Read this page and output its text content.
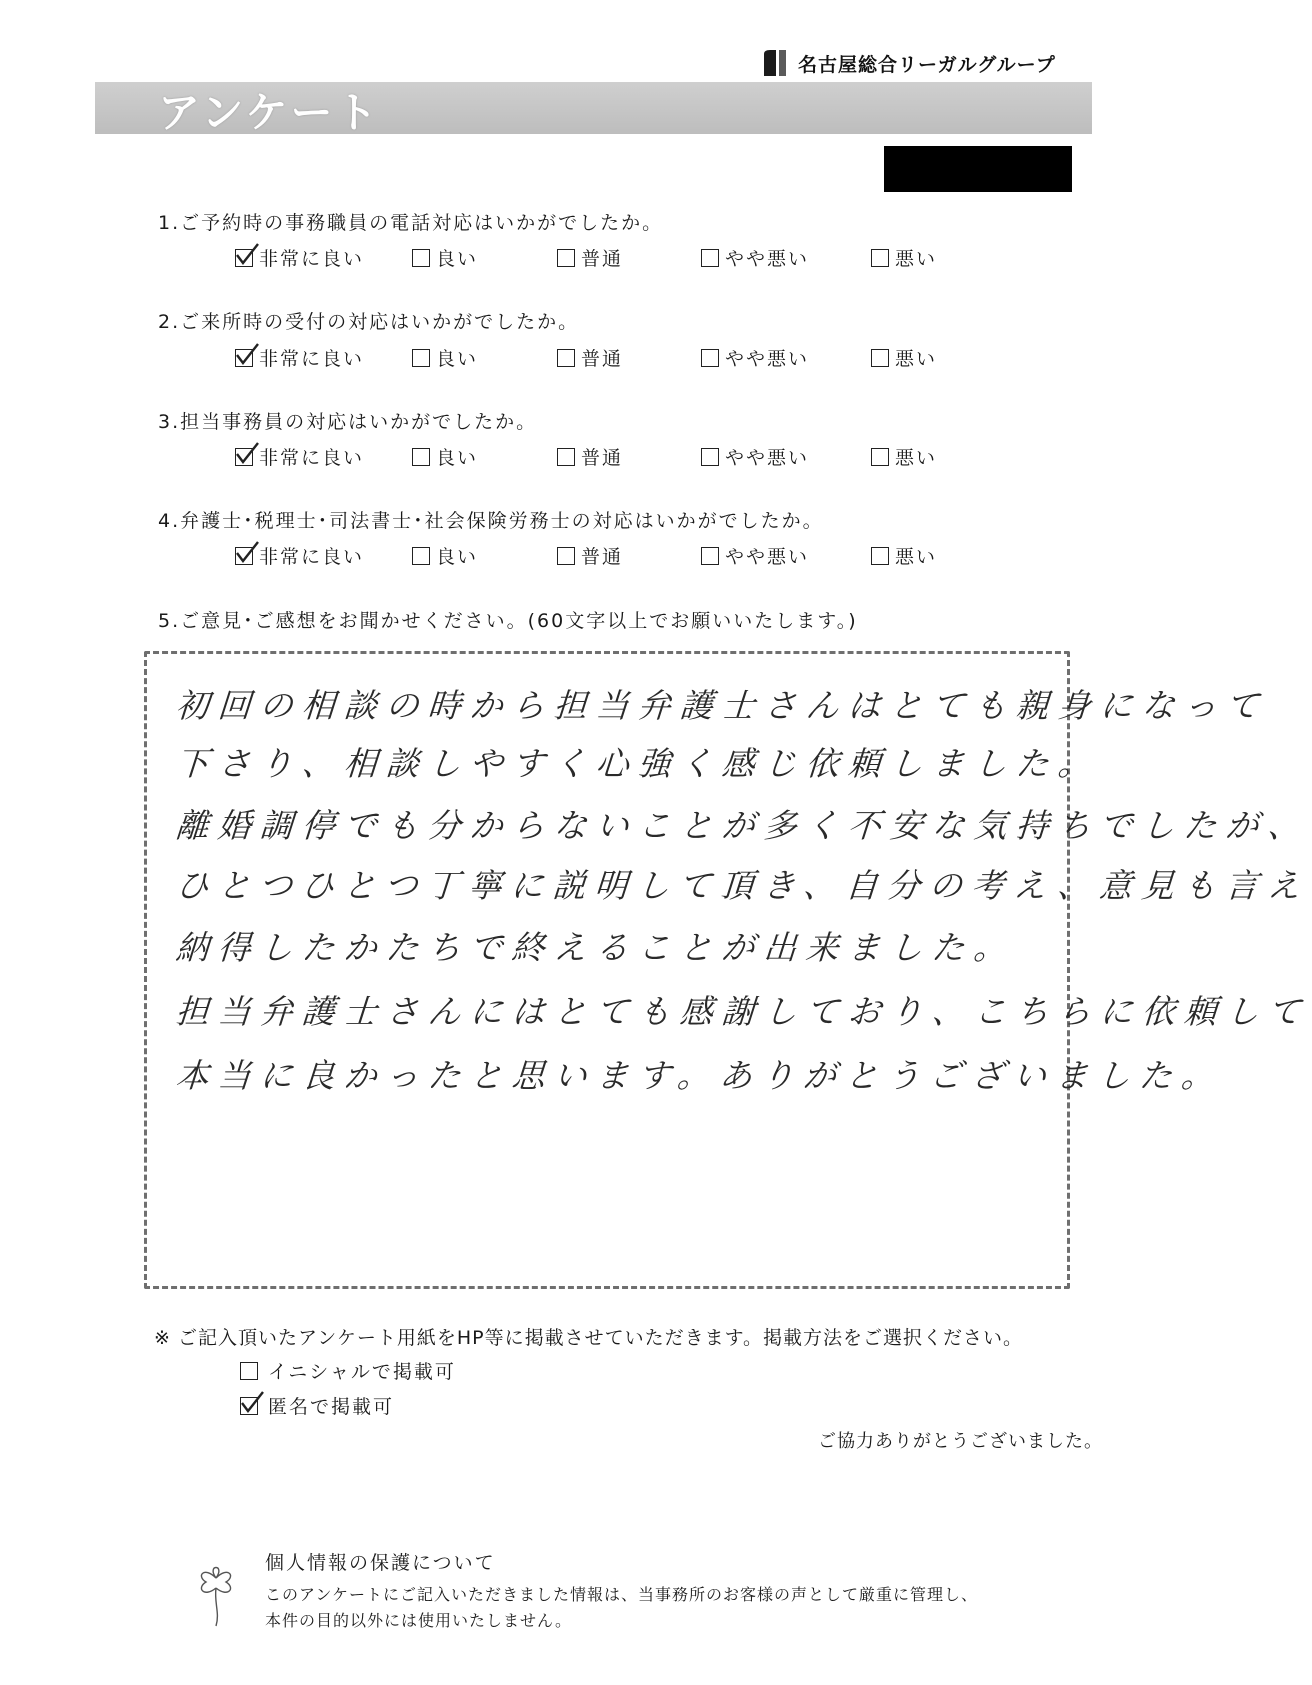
名古屋総合リーガルグループ
アンケート
1.ご予約時の事務職員の電話対応はいかがでしたか。
非常に良い	良い	普通	やや悪い	悪い
2.ご来所時の受付の対応はいかがでしたか。
非常に良い	良い	普通	やや悪い	悪い
3.担当事務員の対応はいかがでしたか。
非常に良い	良い	普通	やや悪い	悪い
4.弁護士･税理士･司法書士･社会保険労務士の対応はいかがでしたか。
非常に良い	良い	普通	やや悪い	悪い
5.ご意見･ご感想をお聞かせください。(60文字以上でお願いいたします。)
初回の相談の時から担当弁護士さんはとても親身になって
下さり、相談しやすく心強く感じ依頼しました。
離婚調停でも分からないことが多く不安な気持ちでしたが、
ひとつひとつ丁寧に説明して頂き、自分の考え、意見も言え
納得したかたちで終えることが出来ました。
担当弁護士さんにはとても感謝しており、こちらに依頼して
本当に良かったと思います。ありがとうございました。
※ ご記入頂いたアンケート用紙をHP等に掲載させていただきます。掲載方法をご選択ください。
イニシャルで掲載可
匿名で掲載可
ご協力ありがとうございました。
個人情報の保護について
このアンケートにご記入いただきました情報は、当事務所のお客様の声として厳重に管理し、
本件の目的以外には使用いたしません。
